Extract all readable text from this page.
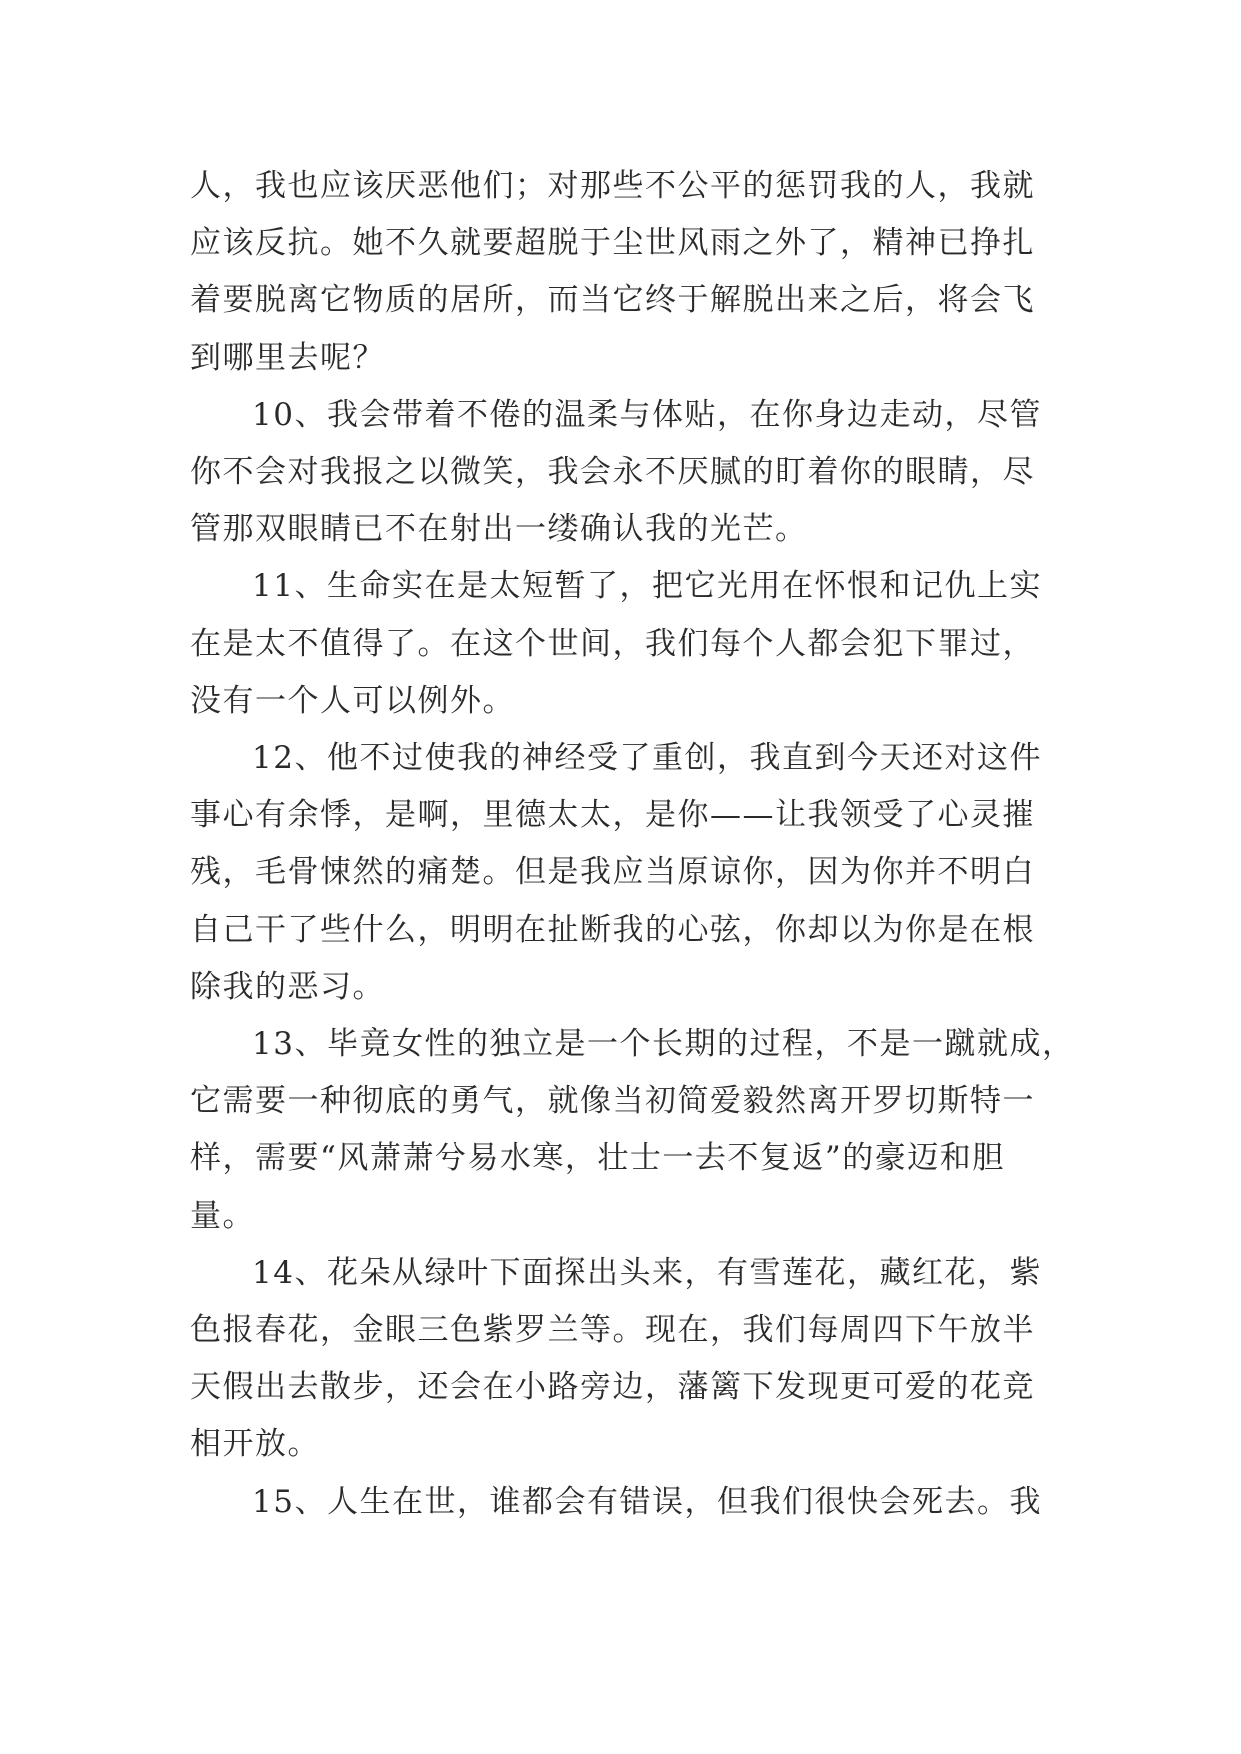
人，我也应该厌恶他们；对那些不公平的惩罚我的人，我就
应该反抗。她不久就要超脱于尘世风雨之外了，精神已挣扎
着要脱离它物质的居所，而当它终于解脱出来之后，将会飞
到哪里去呢？

10、我会带着不倦的温柔与体贴，在你身边走动，尽管
你不会对我报之以微笑，我会永不厌腻的盯着你的眼睛，尽
管那双眼睛已不在射出一缕确认我的光芒。

11、生命实在是太短暂了，把它光用在怀恨和记仇上实
在是太不值得了。在这个世间，我们每个人都会犯下罪过，
没有一个人可以例外。

12、他不过使我的神经受了重创，我直到今天还对这件
事心有余悸，是啊，里德太太，是你——让我领受了心灵摧
残，毛骨悚然的痛楚。但是我应当原谅你，因为你并不明白
自己干了些什么，明明在扯断我的心弦，你却以为你是在根
除我的恶习。

13、毕竟女性的独立是一个长期的过程，不是一蹴就成，
它需要一种彻底的勇气，就像当初简爱毅然离开罗切斯特一
样，需要“风萧萧兮易水寒，壮士一去不复返”的豪迈和胆
量。

14、花朵从绿叶下面探出头来，有雪莲花，藏红花，紫
色报春花，金眼三色紫罗兰等。现在，我们每周四下午放半
天假出去散步，还会在小路旁边，藩篱下发现更可爱的花竞
相开放。

15、人生在世，谁都会有错误，但我们很快会死去。我
